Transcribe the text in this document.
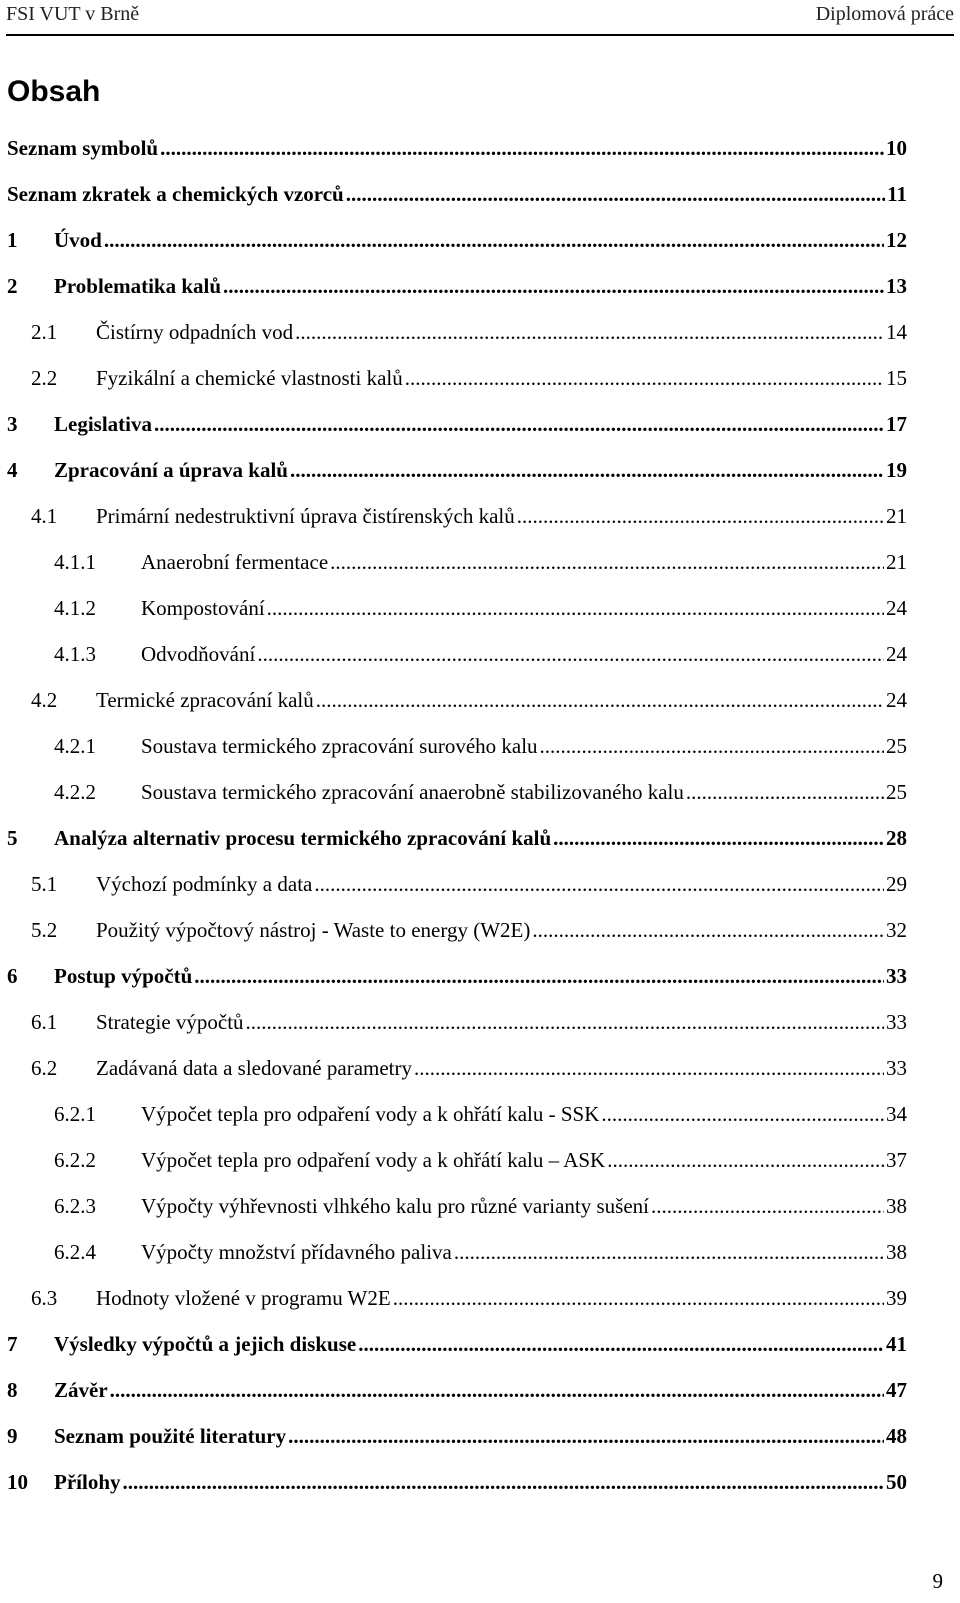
FSI VUT v Brně	Diplomová práce
Obsah
Seznam symbolů .....	10
Seznam zkratek a chemických vzorců .....	11
1	Úvod .....	12
2	Problematika kalů .....	13
2.1	Čistírny odpadních vod .....	14
2.2	Fyzikální a chemické vlastnosti kalů .....	15
3	Legislativa .....	17
4	Zpracování a úprava kalů .....	19
4.1	Primární nedestruktivní úprava čistírenských kalů .....	21
4.1.1	Anaerobní fermentace .....	21
4.1.2	Kompostování .....	24
4.1.3	Odvodňování .....	24
4.2	Termické zpracování kalů .....	24
4.2.1	Soustava termického zpracování surového kalu .....	25
4.2.2	Soustava termického zpracování anaerobně stabilizovaného kalu .....	25
5	Analýza alternativ procesu termického zpracování kalů .....	28
5.1	Výchozí podmínky a data .....	29
5.2	Použitý výpočtový nástroj - Waste to energy (W2E) .....	32
6	Postup výpočtů .....	33
6.1	Strategie výpočtů .....	33
6.2	Zadávaná data a sledované parametry .....	33
6.2.1	Výpočet tepla pro odpaření vody a k ohřátí kalu - SSK .....	34
6.2.2	Výpočet tepla pro odpaření vody a k ohřátí kalu – ASK .....	37
6.2.3	Výpočty výhřevnosti vlhkého kalu pro různé varianty sušení .....	38
6.2.4	Výpočty množství přídavného paliva .....	38
6.3	Hodnoty vložené v programu W2E .....	39
7	Výsledky výpočtů a jejich diskuse .....	41
8	Závěr .....	47
9	Seznam použité literatury .....	48
10	Přílohy .....	50
9
